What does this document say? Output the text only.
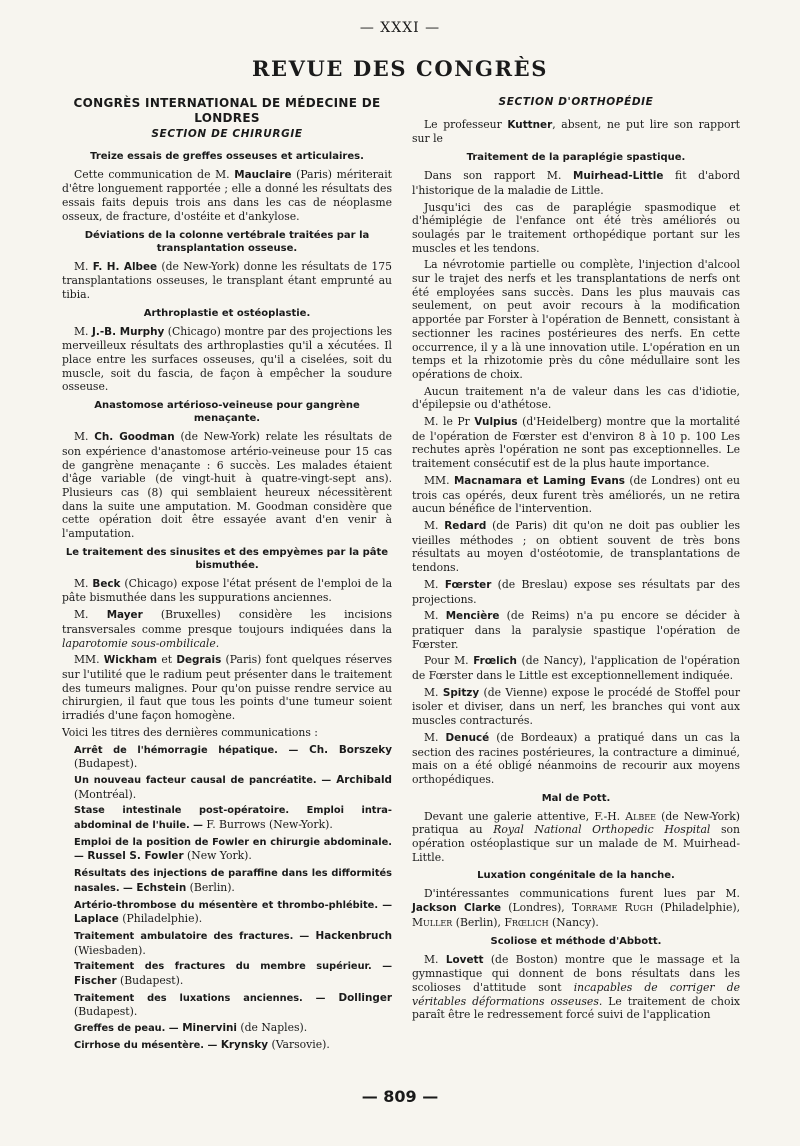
— XXXI —
REVUE DES CONGRÈS
CONGRÈS INTERNATIONAL DE MÉDECINE DE LONDRES
SECTION DE CHIRURGIE
Treize essais de greffes osseuses et articulaires.

Cette communication de M. Mauclaire (Paris) mériterait d'être longuement rapportée ; elle a donné les résultats des essais faits depuis trois ans dans les cas de néoplasme osseux, de fracture, d'ostéite et d'ankylose.

Déviations de la colonne vertébrale traitées par la transplantation osseuse.

M. F. H. Albee (de New-York) donne les résultats de 175 transplantations osseuses, le transplant étant emprunté au tibia.

Arthroplastie et ostéoplastie.

M. J.-B. Murphy (Chicago) montre par des projections les merveilleux résultats des arthroplasties qu'il a xécutées. Il place entre les surfaces osseuses, qu'il a ciselées, soit du muscle, soit du fascia, de façon à empêcher la soudure osseuse.

Anastomose artérioso-veineuse pour gangrène menaçante.

M. Ch. Goodman (de New-York) relate les résultats de son expérience d'anastomose artério-veineuse pour 15 cas de gangrène menaçante : 6 succès. Les malades étaient d'âge variable (de vingt-huit à quatre-vingt-sept ans). Plusieurs cas (8) qui semblaient heureux nécessitèrent dans la suite une amputation. M. Goodman considère que cette opération doit être essayée avant d'en venir à l'amputation.

Le traitement des sinusites et des empyèmes par la pâte bismuthée.

M. Beck (Chicago) expose l'état présent de l'emploi de la pâte bismuthée dans les suppurations anciennes.

M. Mayer (Bruxelles) considère les incisions transversales comme presque toujours indiquées dans la laparotomie sous-ombilicale.

MM. Wickham et Degrais (Paris) font quelques réserves sur l'utilité que le radium peut présenter dans le traitement des tumeurs malignes. Pour qu'on puisse rendre service au chirurgien, il faut que tous les points d'une tumeur soient irradiés d'une façon homogène.

Voici les titres des dernières communications :

Arrêt de l'hémorragie hépatique. — Ch. Borszeky (Budapest).

Un nouveau facteur causal de pancréatite. — Archibald (Montréal).

Stase intestinale post-opératoire. Emploi intra-abdominal de l'huile. — F. Burrows (New-York).

Emploi de la position de Fowler en chirurgie abdominale. — Russel S. Fowler (New York).

Résultats des injections de paraffine dans les difformités nasales. — Echstein (Berlin).

Artério-thrombose du mésentère et thrombo-phlébite. — Laplace (Philadelphie).

Traitement ambulatoire des fractures. — Hackenbruch (Wiesbaden).

Traitement des fractures du membre supérieur. — Fischer (Budapest).

Traitement des luxations anciennes. — Dollinger (Budapest).

Greffes de peau. — Minervini (de Naples).

Cirrhose du mésentère. — Krynsky (Varsovie).

SECTION D'ORTHOPÉDIE

Le professeur Kuttner, absent, ne put lire son rapport sur le

Traitement de la paraplégie spastique.

Dans son rapport M. Muirhead-Little fit d'abord l'historique de la maladie de Little.

Jusqu'ici des cas de paraplégie spasmodique et d'hémiplégie de l'enfance ont été très améliorés ou soulagés par le traitement orthopédique portant sur les muscles et les tendons.

La névrotomie partielle ou complète, l'injection d'alcool sur le trajet des nerfs et les transplantations de nerfs ont été employées sans succès. Dans les plus mauvais cas seulement, on peut avoir recours à la modification apportée par Forster à l'opération de Bennett, consistant à sectionner les racines postérieures des nerfs. En cette occurrence, il y a là une innovation utile. L'opération en un temps et la rhizotomie près du cône médullaire sont les opérations de choix.

Aucun traitement n'a de valeur dans les cas d'idiotie, d'épilepsie ou d'athétose.

M. le Pr Vulpius (d'Heidelberg) montre que la mortalité de l'opération de Fœrster est d'environ 8 à 10 p. 100 Les rechutes après l'opération ne sont pas exceptionnelles. Le traitement consécutif est de la plus haute importance.

MM. Macnamara et Laming Evans (de Londres) ont eu trois cas opérés, deux furent très améliorés, un ne retira aucun bénéfice de l'intervention.

M. Redard (de Paris) dit qu'on ne doit pas oublier les vieilles méthodes ; on obtient souvent de très bons résultats au moyen d'ostéotomie, de transplantations de tendons.

M. Fœrster (de Breslau) expose ses résultats par des projections.

M. Mencière (de Reims) n'a pu encore se décider à pratiquer dans la paralysie spastique l'opération de Fœrster.

Pour M. Frœlich (de Nancy), l'application de l'opération de Fœrster dans le Little est exceptionnellement indiquée.

M. Spitzy (de Vienne) expose le procédé de Stoffel pour isoler et diviser, dans un nerf, les branches qui vont aux muscles contracturés.

M. Denucé (de Bordeaux) a pratiqué dans un cas la section des racines postérieures, la contracture a diminué, mais on a été obligé néanmoins de recourir aux moyens orthopédiques.

Mal de Pott.

Devant une galerie attentive, F.-H. Albee (de New-York) pratiqua au Royal National Orthopedic Hospital son opération ostéoplastique sur un malade de M. Muirhead-Little.

Luxation congénitale de la hanche.

D'intéressantes communications furent lues par M. Jackson Clarke (Londres), Torrame Rugh (Philadelphie), Muller (Berlin), Frœlich (Nancy).

Scoliose et méthode d'Abbott.

M. Lovett (de Boston) montre que le massage et la gymnastique qui donnent de bons résultats dans les scolioses d'attitude sont incapables de corriger de véritables déformations osseuses. Le traitement de choix paraît être le redressement forcé suivi de l'application

— 809 —
